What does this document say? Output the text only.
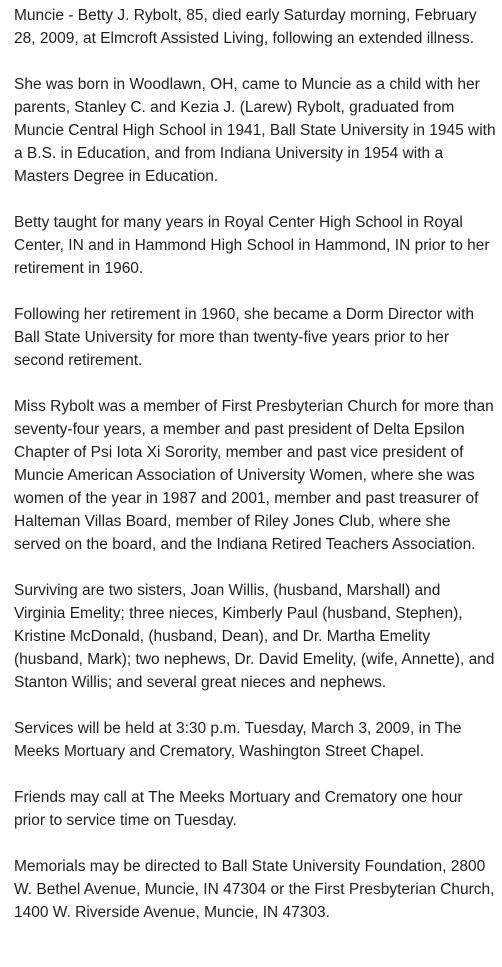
Muncie - Betty J. Rybolt, 85, died early Saturday morning, February 28, 2009, at Elmcroft Assisted Living, following an extended illness.

She was born in Woodlawn, OH, came to Muncie as a child with her parents, Stanley C. and Kezia J. (Larew) Rybolt, graduated from Muncie Central High School in 1941, Ball State University in 1945 with a B.S. in Education, and from Indiana University in 1954 with a Masters Degree in Education.

Betty taught for many years in Royal Center High School in Royal Center, IN and in Hammond High School in Hammond, IN prior to her retirement in 1960.

Following her retirement in 1960, she became a Dorm Director with Ball State University for more than twenty-five years prior to her second retirement.

Miss Rybolt was a member of First Presbyterian Church for more than seventy-four years, a member and past president of Delta Epsilon Chapter of Psi Iota Xi Sorority, member and past vice president of Muncie American Association of University Women, where she was women of the year in 1987 and 2001, member and past treasurer of Halteman Villas Board, member of Riley Jones Club, where she served on the board, and the Indiana Retired Teachers Association.

Surviving are two sisters, Joan Willis, (husband, Marshall) and Virginia Emelity; three nieces, Kimberly Paul (husband, Stephen), Kristine McDonald, (husband, Dean), and Dr. Martha Emelity (husband, Mark); two nephews, Dr. David Emelity, (wife, Annette), and Stanton Willis; and several great nieces and nephews.

Services will be held at 3:30 p.m. Tuesday, March 3, 2009, in The Meeks Mortuary and Crematory, Washington Street Chapel.

Friends may call at The Meeks Mortuary and Crematory one hour prior to service time on Tuesday.

Memorials may be directed to Ball State University Foundation, 2800 W. Bethel Avenue, Muncie, IN 47304 or the First Presbyterian Church, 1400 W. Riverside Avenue, Muncie, IN 47303.
